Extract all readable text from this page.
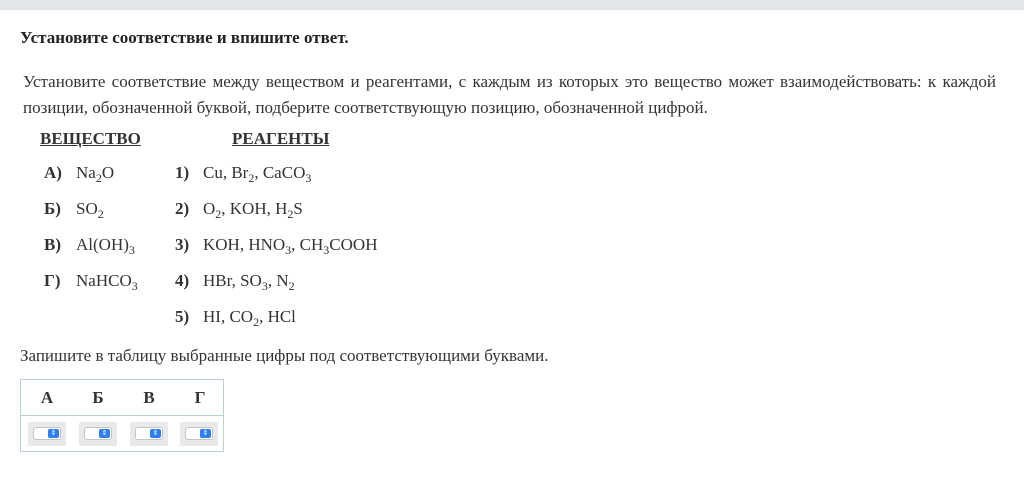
Установите соответствие и впишите ответ.
Установите соответствие между веществом и реагентами, с каждым из которых это вещество может взаимодействовать: к каждой позиции, обозначенной буквой, подберите соответствующую позицию, обозначенной цифрой.
ВЕЩЕСТВО	РЕАГЕНТЫ
А) $Na_2O$
Б) $SO_2$
В) $Al(OH)_3$
Г) NaHCO$_3$
1) Cu, $Br_2$, CaCO$_3$
2) $O_2$, KOH, $H_2S$
3) KOH, $HNO_3$, $CH_3COOH$
4) HBr, $SO_3$, $N_2$
5) HI, $CO_2$, HCl
Запишите в таблицу выбранные цифры под соответствующими буквами.
А	Б	В	Г
⇕	⇕	⇕	⇕
